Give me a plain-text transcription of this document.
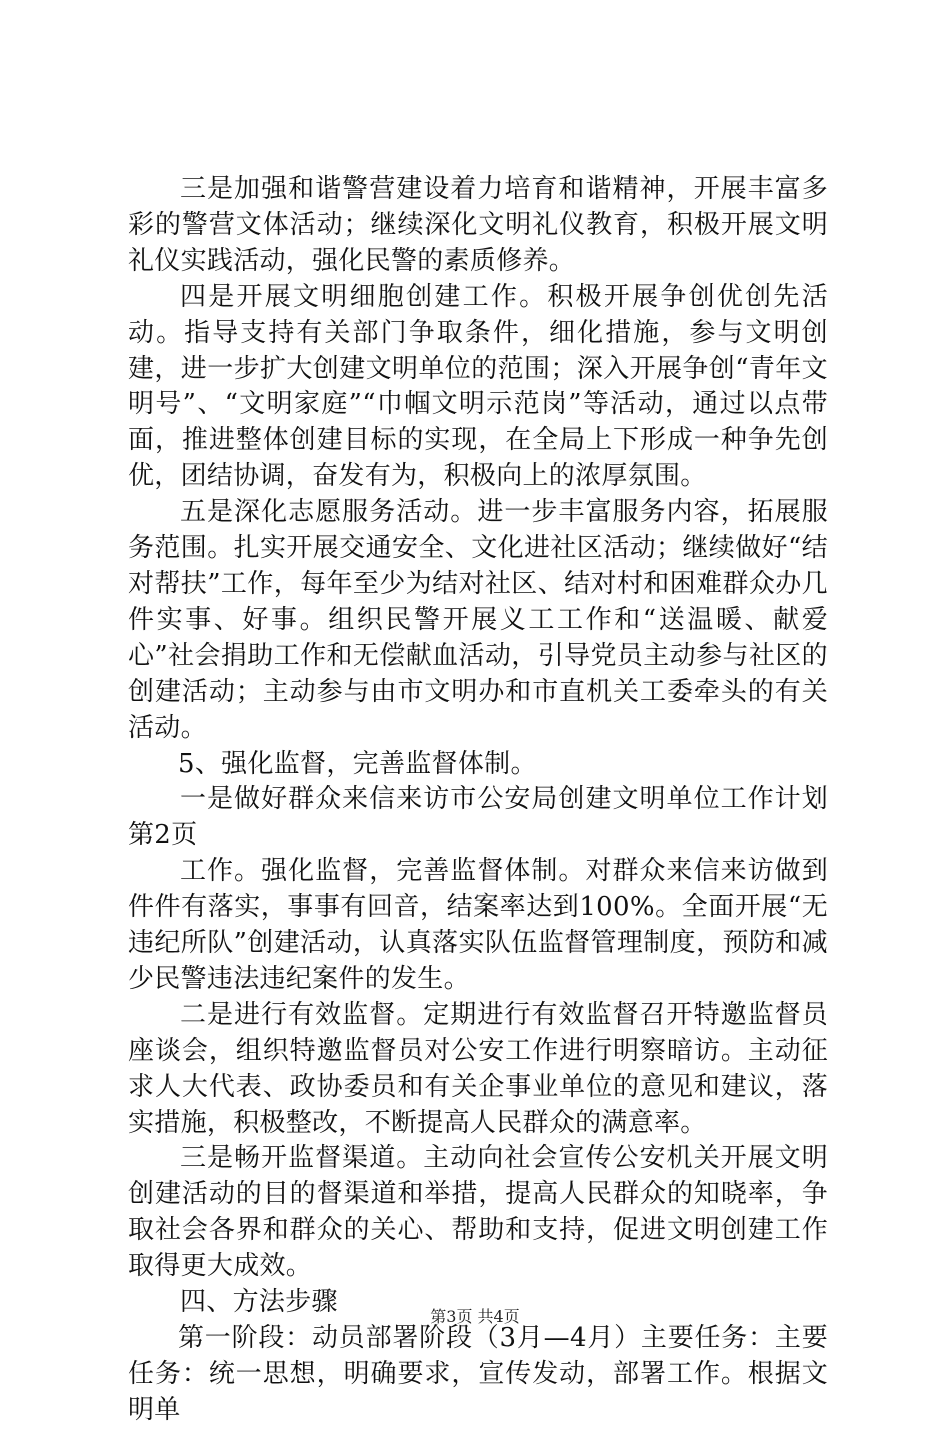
三是加强和谐警营建设着力培育和谐精神，开展丰富多彩的警营文体活动；继续深化文明礼仪教育，积极开展文明礼仪实践活动，强化民警的素质修养。

四是开展文明细胞创建工作。积极开展争创优创先活动。指导支持有关部门争取条件，细化措施，参与文明创建，进一步扩大创建文明单位的范围；深入开展争创“青年文明号”、“文明家庭”“巾帼文明示范岗”等活动，通过以点带面，推进整体创建目标的实现，在全局上下形成一种争先创优，团结协调，奋发有为，积极向上的浓厚氛围。

五是深化志愿服务活动。进一步丰富服务内容，拓展服务范围。扎实开展交通安全、文化进社区活动；继续做好“结对帮扶”工作，每年至少为结对社区、结对村和困难群众办几件实事、好事。组织民警开展义工工作和“送温暖、献爱心”社会捐助工作和无偿献血活动，引导党员主动参与社区的创建活动；主动参与由市文明办和市直机关工委牵头的有关活动。

5、强化监督，完善监督体制。

一是做好群众来信来访市公安局创建文明单位工作计划第2页

工作。强化监督，完善监督体制。对群众来信来访做到件件有落实，事事有回音，结案率达到100%。全面开展“无违纪所队”创建活动，认真落实队伍监督管理制度，预防和减少民警违法违纪案件的发生。

二是进行有效监督。定期进行有效监督召开特邀监督员座谈会，组织特邀监督员对公安工作进行明察暗访。主动征求人大代表、政协委员和有关企事业单位的意见和建议，落实措施，积极整改，不断提高人民群众的满意率。

三是畅开监督渠道。主动向社会宣传公安机关开展文明创建活动的目的督渠道和举措，提高人民群众的知晓率，争取社会各界和群众的关心、帮助和支持，促进文明创建工作取得更大成效。

四、方法步骤

第一阶段：动员部署阶段（3月—4月）主要任务：主要任务：统一思想，明确要求，宣传发动，部署工作。根据文明单

第3页 共4页
